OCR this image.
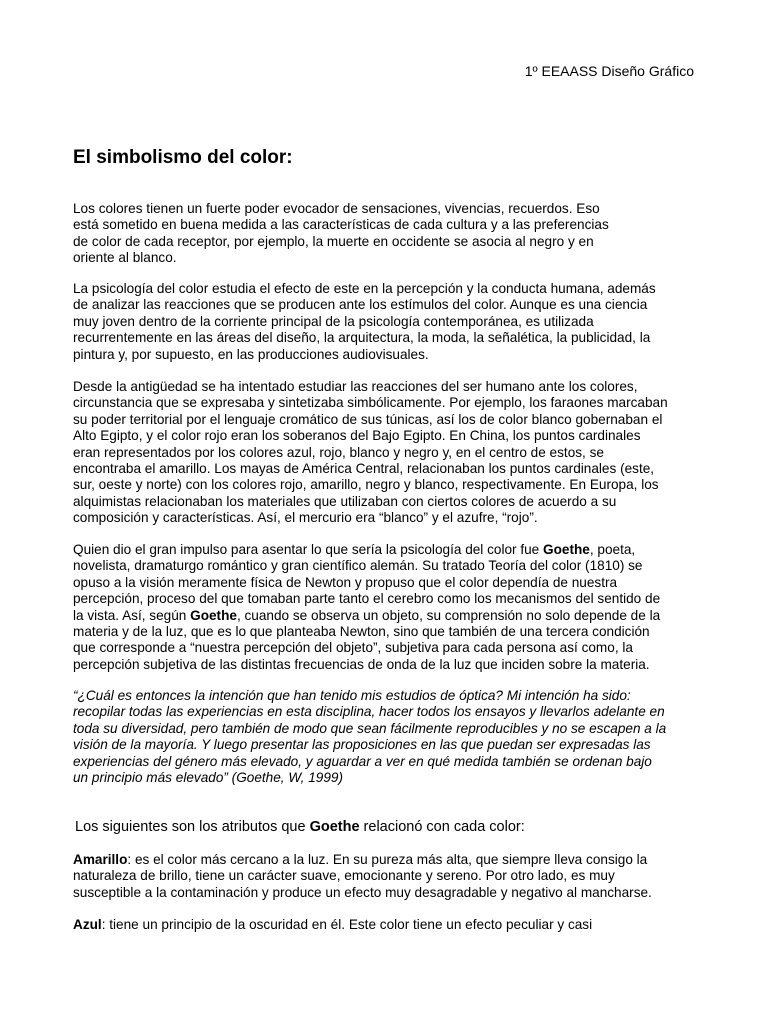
1º EEAASS Diseño Gráfico
El simbolismo del color:

Los colores tienen un fuerte poder evocador de sensaciones, vivencias, recuerdos. Eso
está sometido en buena medida a las características de cada cultura y a las preferencias
de color de cada receptor, por ejemplo, la muerte en occidente se asocia al negro y en
oriente al blanco.

La psicología del color estudia el efecto de este en la percepción y la conducta humana, además
de analizar las reacciones que se producen ante los estímulos del color. Aunque es una ciencia
muy joven dentro de la corriente principal de la psicología contemporánea, es utilizada
recurrentemente en las áreas del diseño, la arquitectura, la moda, la señalética, la publicidad, la
pintura y, por supuesto, en las producciones audiovisuales.

Desde la antigüedad se ha intentado estudiar las reacciones del ser humano ante los colores,
circunstancia que se expresaba y sintetizaba simbólicamente. Por ejemplo, los faraones marcaban
su poder territorial por el lenguaje cromático de sus túnicas, así los de color blanco gobernaban el
Alto Egipto, y el color rojo eran los soberanos del Bajo Egipto. En China, los puntos cardinales
eran representados por los colores azul, rojo, blanco y negro y, en el centro de estos, se
encontraba el amarillo. Los mayas de América Central, relacionaban los puntos cardinales (este,
sur, oeste y norte) con los colores rojo, amarillo, negro y blanco, respectivamente. En Europa, los
alquimistas relacionaban los materiales que utilizaban con ciertos colores de acuerdo a su
composición y características. Así, el mercurio era “blanco” y el azufre, “rojo”.

Quien dio el gran impulso para asentar lo que sería la psicología del color fue Goethe, poeta,
novelista, dramaturgo romántico y gran científico alemán. Su tratado Teoría del color (1810) se
opuso a la visión meramente física de Newton y propuso que el color dependía de nuestra
percepción, proceso del que tomaban parte tanto el cerebro como los mecanismos del sentido de
la vista. Así, según Goethe, cuando se observa un objeto, su comprensión no solo depende de la
materia y de la luz, que es lo que planteaba Newton, sino que también de una tercera condición
que corresponde a “nuestra percepción del objeto”, subjetiva para cada persona así como, la
percepción subjetiva de las distintas frecuencias de onda de la luz que inciden sobre la materia.

“¿Cuál es entonces la intención que han tenido mis estudios de óptica? Mi intención ha sido:
recopilar todas las experiencias en esta disciplina, hacer todos los ensayos y llevarlos adelante en
toda su diversidad, pero también de modo que sean fácilmente reproducibles y no se escapen a la
visión de la mayoría. Y luego presentar las proposiciones en las que puedan ser expresadas las
experiencias del género más elevado, y aguardar a ver en qué medida también se ordenan bajo
un principio más elevado” (Goethe, W, 1999)

Los siguientes son los atributos que Goethe relacionó con cada color:

Amarillo: es el color más cercano a la luz. En su pureza más alta, que siempre lleva consigo la
naturaleza de brillo, tiene un carácter suave, emocionante y sereno. Por otro lado, es muy
susceptible a la contaminación y produce un efecto muy desagradable y negativo al mancharse.

Azul: tiene un principio de la oscuridad en él. Este color tiene un efecto peculiar y casi
